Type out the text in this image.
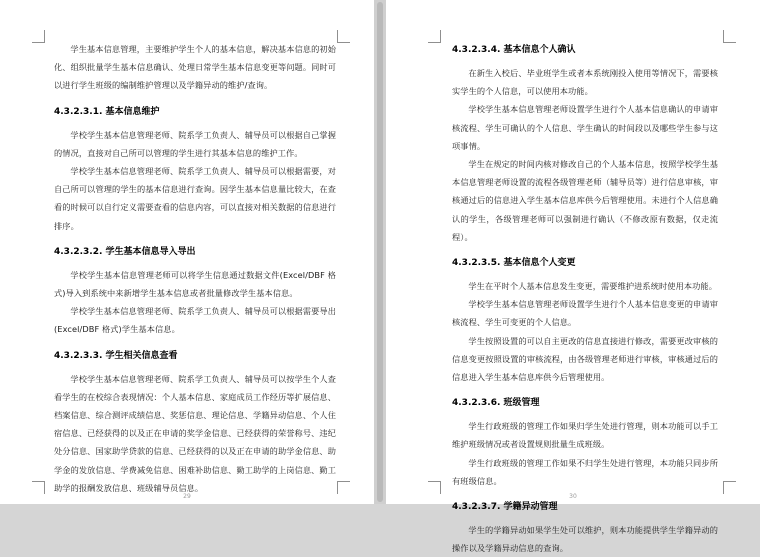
学生基本信息管理，主要维护学生个人的基本信息，解决基本信息的初始化、组织批量学生基本信息确认、处理日常学生基本信息变更等问题。同时可以进行学生班级的编制维护管理以及学籍异动的维护/查询。

4.3.2.3.1. 基本信息维护

学校学生基本信息管理老师、院系学工负责人、辅导员可以根据自己掌握的情况，直接对自己所可以管理的学生进行其基本信息的维护工作。

学校学生基本信息管理老师、院系学工负责人、辅导员可以根据需要，对自己所可以管理的学生的基本信息进行查询。因学生基本信息量比较大，在查看的时候可以自行定义需要查看的信息内容，可以直接对相关数据的信息进行排序。

4.3.2.3.2. 学生基本信息导入导出

学校学生基本信息管理老师可以将学生信息通过数据文件(Excel/DBF 格式)导入到系统中来新增学生基本信息或者批量修改学生基本信息。

学校学生基本信息管理老师、院系学工负责人、辅导员可以根据需要导出(Excel/DBF 格式)学生基本信息。

4.3.2.3.3. 学生相关信息查看

学校学生基本信息管理老师、院系学工负责人、辅导员可以按学生个人查看学生的在校综合表现情况：个人基本信息、家庭成员工作经历等扩展信息、档案信息、综合测评成绩信息、奖惩信息、理论信息、学籍异动信息、个人住宿信息、已经获得的以及正在申请的奖学金信息、已经获得的荣誉称号、违纪处分信息、国家助学贷款的信息、已经获得的以及正在申请的助学金信息、助学金的发放信息、学费减免信息、困难补助信息、勤工助学的上岗信息、勤工助学的报酬发放信息、班级辅导员信息。

29
4.3.2.3.4. 基本信息个人确认

在新生入校后、毕业班学生或者本系统刚投入使用等情况下，需要核实学生的个人信息，可以使用本功能。

学校学生基本信息管理老师设置学生进行个人基本信息确认的申请审核流程、学生可确认的个人信息、学生确认的时间段以及哪些学生参与这项事情。

学生在规定的时间内核对修改自己的个人基本信息，按照学校学生基本信息管理老师设置的流程各级管理老师（辅导员等）进行信息审核，审核通过后的信息进入学生基本信息库供今后管理使用。未进行个人信息确认的学生，各级管理老师可以强制进行确认（不修改原有数据，仅走流程）。

4.3.2.3.5. 基本信息个人变更

学生在平时个人基本信息发生变更，需要维护进系统时使用本功能。

学校学生基本信息管理老师设置学生进行个人基本信息变更的申请审核流程、学生可变更的个人信息。

学生按照设置的可以自主更改的信息直接进行修改，需要更改审核的信息变更按照设置的审核流程，由各级管理老师进行审核，审核通过后的信息进入学生基本信息库供今后管理使用。

4.3.2.3.6. 班级管理

学生行政班级的管理工作如果归学生处进行管理，则本功能可以手工维护班级情况或者设置规则批量生成班级。

学生行政班级的管理工作如果不归学生处进行管理，本功能只同步所有班级信息。

4.3.2.3.7. 学籍异动管理

学生的学籍异动如果学生处可以维护，则本功能提供学生学籍异动的操作以及学籍异动信息的查询。

30
